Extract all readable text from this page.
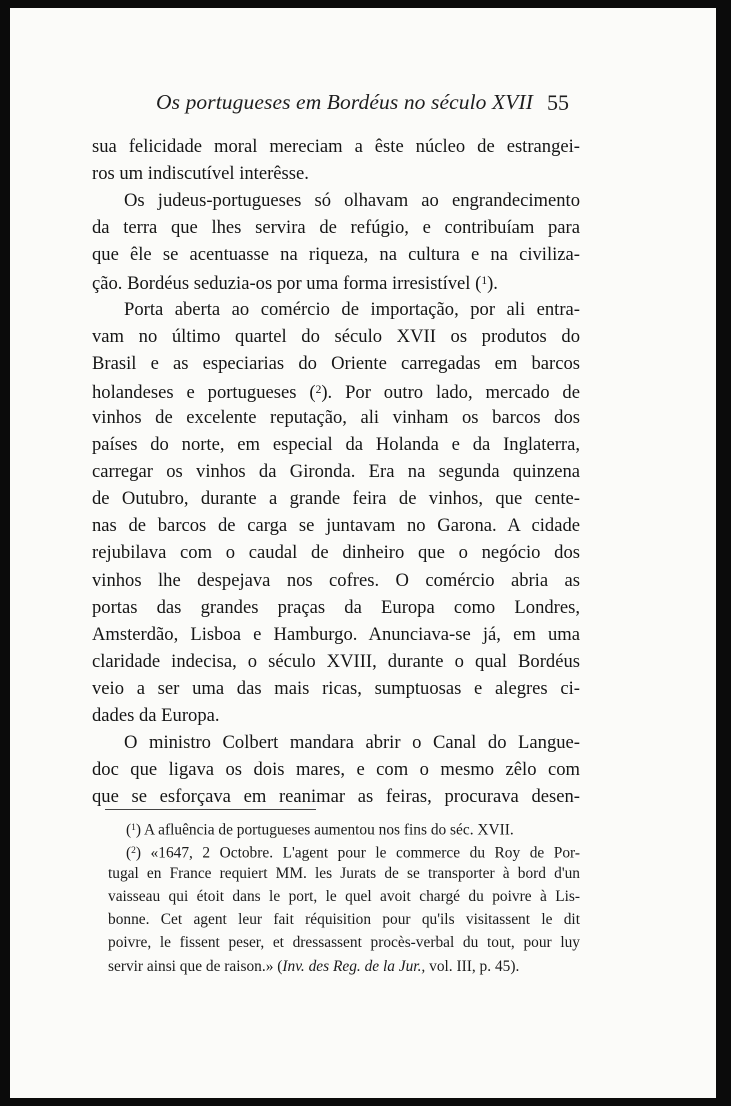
Os portugueses em Bordéus no século XVII 55
sua felicidade moral mereciam a êste núcleo de estrangei-
ros um indiscutível interêsse.
Os judeus-portugueses só olhavam ao engrandecimento
da terra que lhes servira de refúgio, e contribuíam para
que êle se acentuasse na riqueza, na cultura e na civiliza-
ção. Bordéus seduzia-os por uma forma irresistível ($^1$).
Porta aberta ao comércio de importação, por ali entra-
vam no último quartel do século XVII os produtos do
Brasil e as especiarias do Oriente carregadas em barcos
holandeses e portugueses ($^2$). Por outro lado, mercado de
vinhos de excelente reputação, ali vinham os barcos dos
países do norte, em especial da Holanda e da Inglaterra,
carregar os vinhos da Gironda. Era na segunda quinzena
de Outubro, durante a grande feira de vinhos, que cente-
nas de barcos de carga se juntavam no Garona. A cidade
rejubilava com o caudal de dinheiro que o negócio dos
vinhos lhe despejava nos cofres. O comércio abria as
portas das grandes praças da Europa como Londres,
Amsterdão, Lisboa e Hamburgo. Anunciava-se já, em uma
claridade indecisa, o século XVIII, durante o qual Bordéus
veio a ser uma das mais ricas, sumptuosas e alegres ci-
dades da Europa.
O ministro Colbert mandara abrir o Canal do Langue-
doc que ligava os dois mares, e com o mesmo zêlo com
que se esforçava em reanimar as feiras, procurava desen-
($^1$) A afluência de portugueses aumentou nos fins do séc. XVII.
($^2$) «1647, 2 Octobre. L'agent pour le commerce du Roy de Por-
tugal en France requiert MM. les Jurats de se transporter à bord d'un
vaisseau qui étoit dans le port, le quel avoit chargé du poivre à Lis-
bonne. Cet agent leur fait réquisition pour qu'ils visitassent le dit
poivre, le fissent peser, et dressassent procès-verbal du tout, pour luy
servir ainsi que de raison.» (Inv. des Reg. de la Jur., vol. III, p. 45).
